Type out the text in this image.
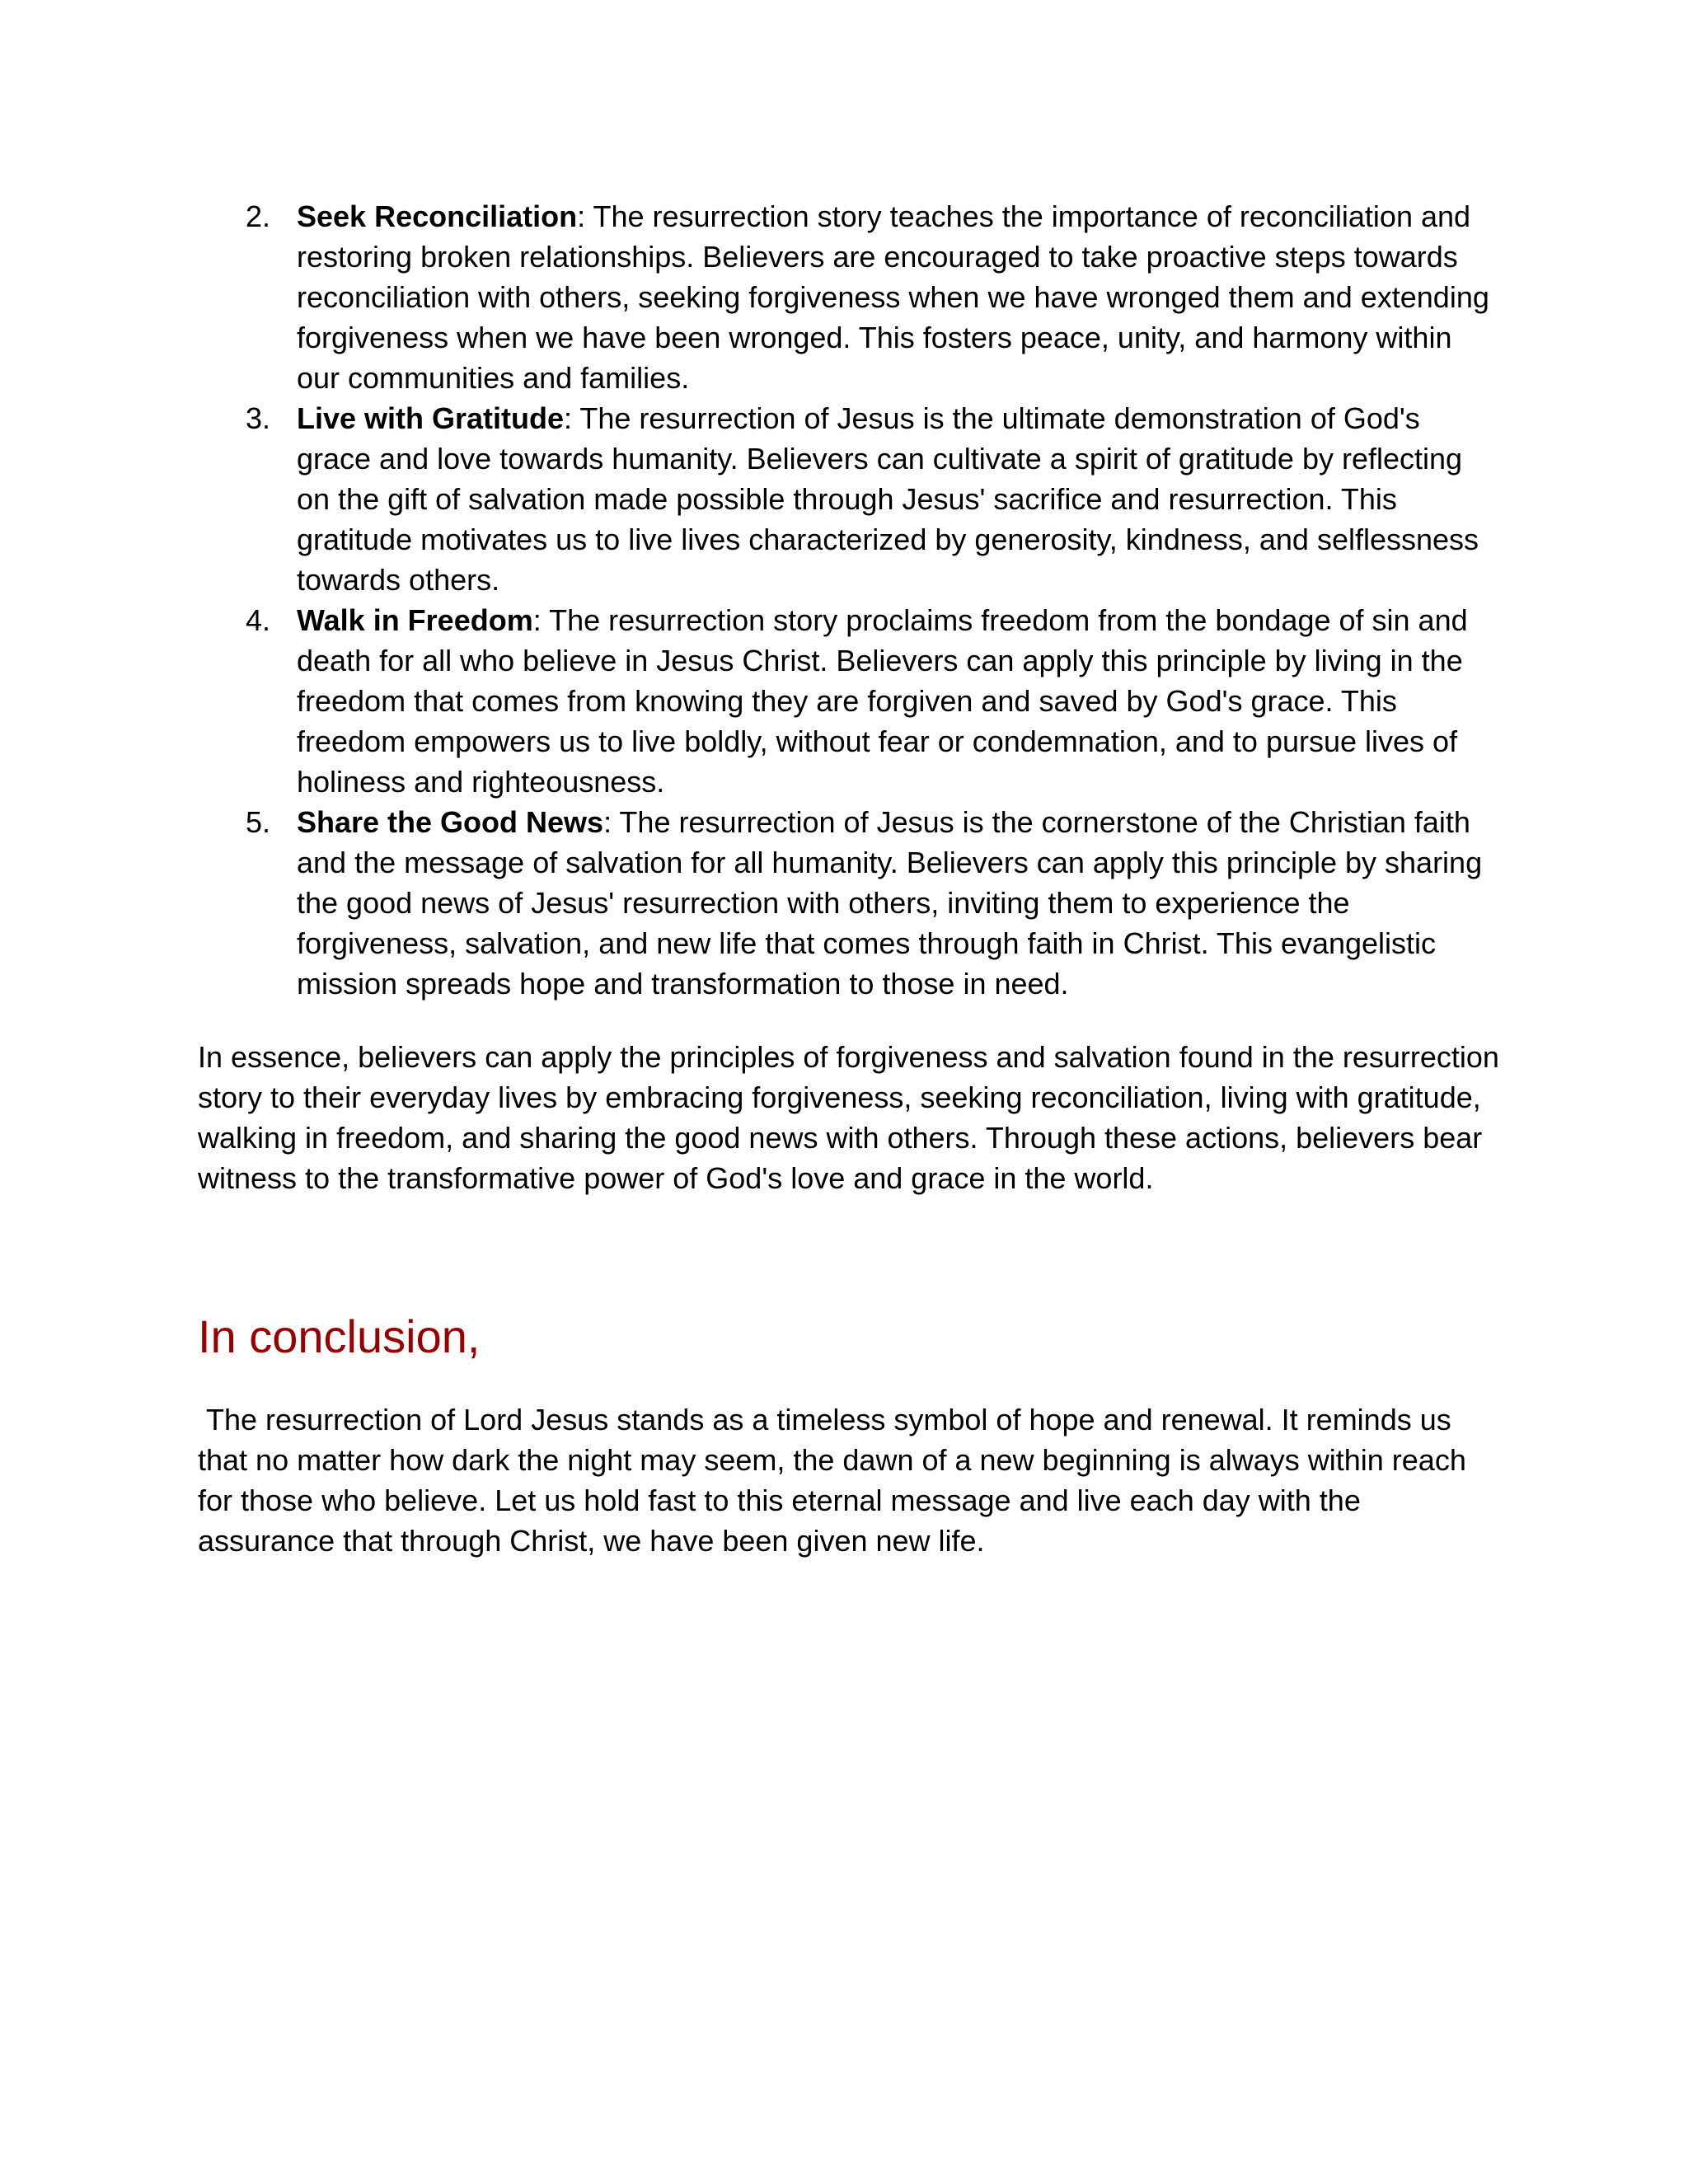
2. Seek Reconciliation: The resurrection story teaches the importance of reconciliation and restoring broken relationships. Believers are encouraged to take proactive steps towards reconciliation with others, seeking forgiveness when we have wronged them and extending forgiveness when we have been wronged. This fosters peace, unity, and harmony within our communities and families.
3. Live with Gratitude: The resurrection of Jesus is the ultimate demonstration of God's grace and love towards humanity. Believers can cultivate a spirit of gratitude by reflecting on the gift of salvation made possible through Jesus' sacrifice and resurrection. This gratitude motivates us to live lives characterized by generosity, kindness, and selflessness towards others.
4. Walk in Freedom: The resurrection story proclaims freedom from the bondage of sin and death for all who believe in Jesus Christ. Believers can apply this principle by living in the freedom that comes from knowing they are forgiven and saved by God's grace. This freedom empowers us to live boldly, without fear or condemnation, and to pursue lives of holiness and righteousness.
5. Share the Good News: The resurrection of Jesus is the cornerstone of the Christian faith and the message of salvation for all humanity. Believers can apply this principle by sharing the good news of Jesus' resurrection with others, inviting them to experience the forgiveness, salvation, and new life that comes through faith in Christ. This evangelistic mission spreads hope and transformation to those in need.

In essence, believers can apply the principles of forgiveness and salvation found in the resurrection story to their everyday lives by embracing forgiveness, seeking reconciliation, living with gratitude, walking in freedom, and sharing the good news with others. Through these actions, believers bear witness to the transformative power of God's love and grace in the world.

In conclusion,

The resurrection of Lord Jesus stands as a timeless symbol of hope and renewal. It reminds us that no matter how dark the night may seem, the dawn of a new beginning is always within reach for those who believe. Let us hold fast to this eternal message and live each day with the assurance that through Christ, we have been given new life.
